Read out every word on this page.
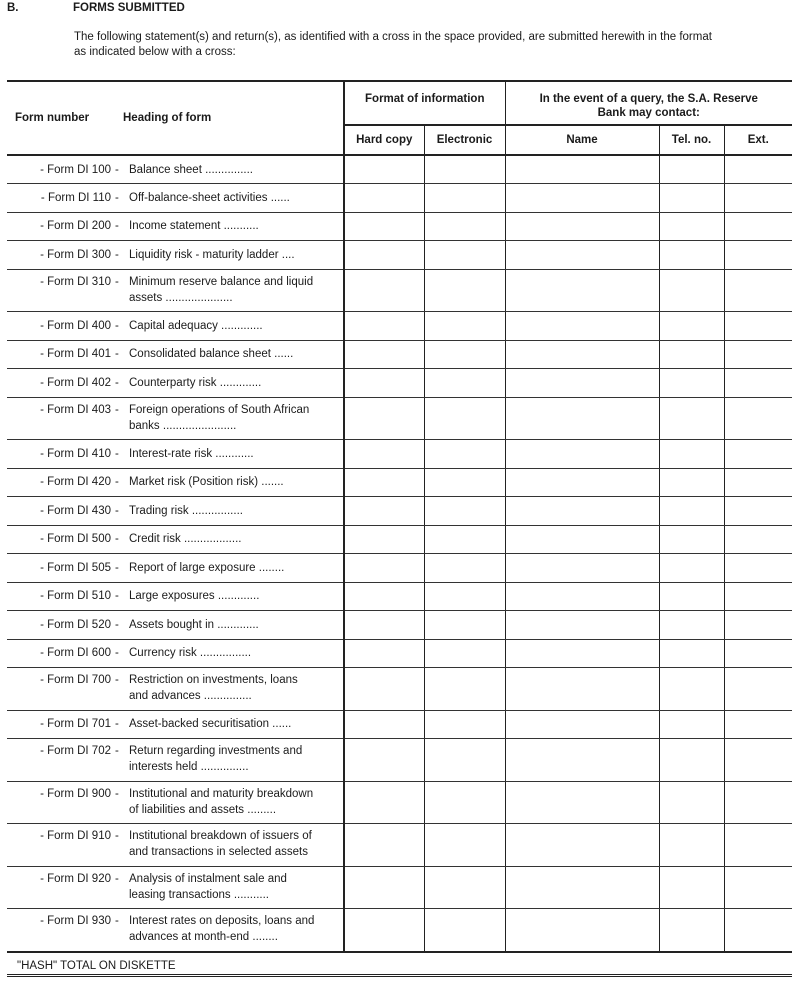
B.	FORMS SUBMITTED
The following statement(s) and return(s), as identified with a cross in the space provided, are submitted herewith in the format
as indicated below with a cross:
Form number	Heading of form	Format of information		In the event of a query, the S.A. Reserve
Bank may contact:		

		Hard copy	Electronic	Name	Tel. no.	Ext.
- Form DI 100	- Balance sheet ...............					

- Form DI 110	- Off-balance-sheet activities ......					

- Form DI 200	- Income statement ...........					

- Form DI 300	- Liquidity risk - maturity ladder ....					

- Form DI 310	- Minimum reserve balance and liquid
assets .....................					

- Form DI 400	- Capital adequacy .............					

- Form DI 401	- Consolidated balance sheet ......					

- Form DI 402	- Counterparty risk .............					

- Form DI 403	- Foreign operations of South African
banks .......................					

- Form DI 410	- Interest-rate risk ............					

- Form DI 420	- Market risk (Position risk) .......					

- Form DI 430	- Trading risk ................					

- Form DI 500	- Credit risk ..................					

- Form DI 505	- Report of large exposure ........					

- Form DI 510	- Large exposures .............					

- Form DI 520	- Assets bought in .............					

- Form DI 600	- Currency risk ................					

- Form DI 700	- Restriction on investments, loans
and advances ...............					

- Form DI 701	- Asset-backed securitisation ......					

- Form DI 702	- Return regarding investments and
interests held ...............					

- Form DI 900	- Institutional and maturity breakdown
of liabilities and assets .........					

- Form DI 910	- Institutional breakdown of issuers of
and transactions in selected assets					

- Form DI 920	- Analysis of instalment sale and
leasing transactions ...........					

- Form DI 930	- Interest rates on deposits, loans and
advances at month-end ........					

"HASH" TOTAL ON DISKETTE
